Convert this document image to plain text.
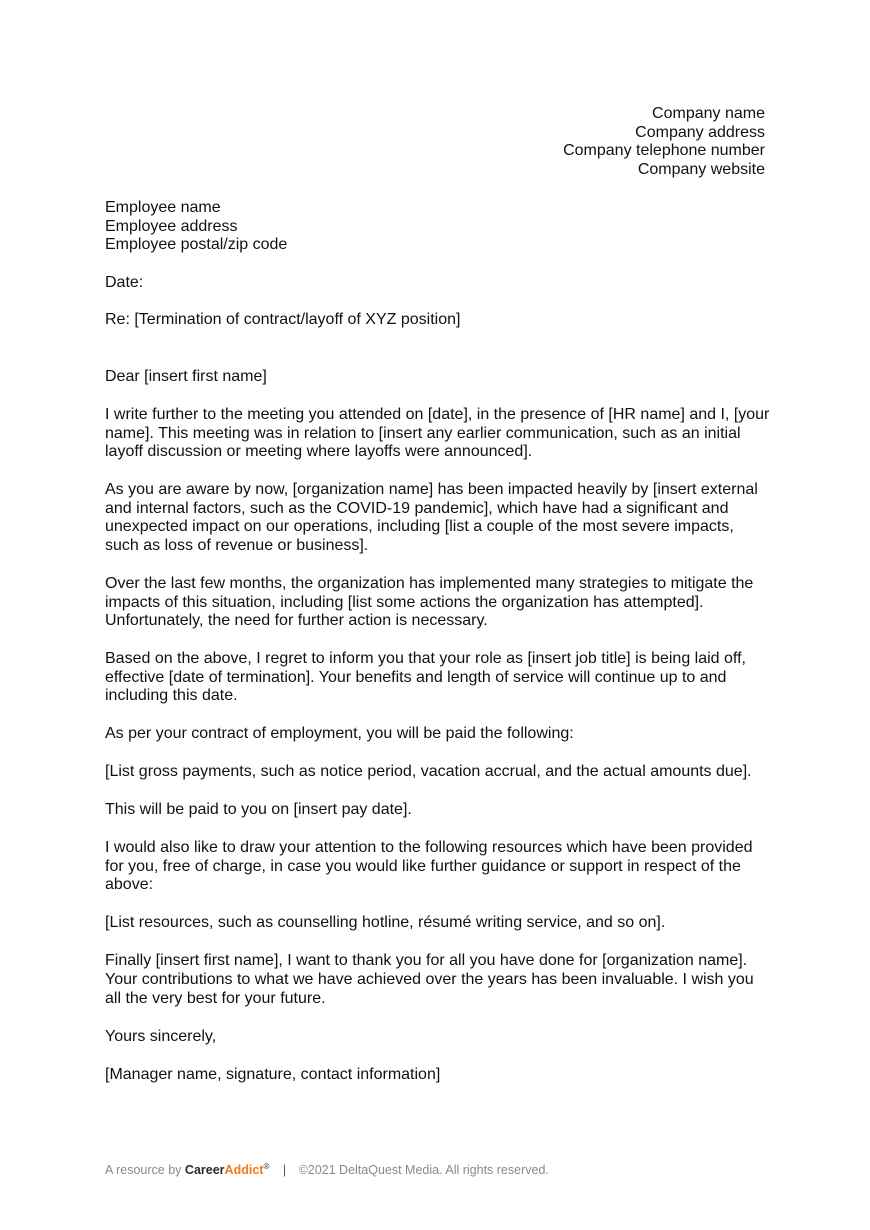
Company name
Company address
Company telephone number
Company website
Employee name
Employee address
Employee postal/zip code
Date:
Re: [Termination of contract/layoff of XYZ position]

Dear [insert first name]

I write further to the meeting you attended on [date], in the presence of [HR name] and I, [your name]. This meeting was in relation to [insert any earlier communication, such as an initial layoff discussion or meeting where layoffs were announced].

As you are aware by now, [organization name] has been impacted heavily by [insert external and internal factors, such as the COVID-19 pandemic], which have had a significant and unexpected impact on our operations, including [list a couple of the most severe impacts, such as loss of revenue or business].

Over the last few months, the organization has implemented many strategies to mitigate the impacts of this situation, including [list some actions the organization has attempted]. Unfortunately, the need for further action is necessary.

Based on the above, I regret to inform you that your role as [insert job title] is being laid off, effective [date of termination]. Your benefits and length of service will continue up to and including this date.

As per your contract of employment, you will be paid the following:

[List gross payments, such as notice period, vacation accrual, and the actual amounts due].

This will be paid to you on [insert pay date].

I would also like to draw your attention to the following resources which have been provided for you, free of charge, in case you would like further guidance or support in respect of the above:

[List resources, such as counselling hotline, résumé writing service, and so on].

Finally [insert first name], I want to thank you for all you have done for [organization name]. Your contributions to what we have achieved over the years has been invaluable. I wish you all the very best for your future.

Yours sincerely,

[Manager name, signature, contact information]

A resource by CareerAddict® | ©2021 DeltaQuest Media. All rights reserved.
